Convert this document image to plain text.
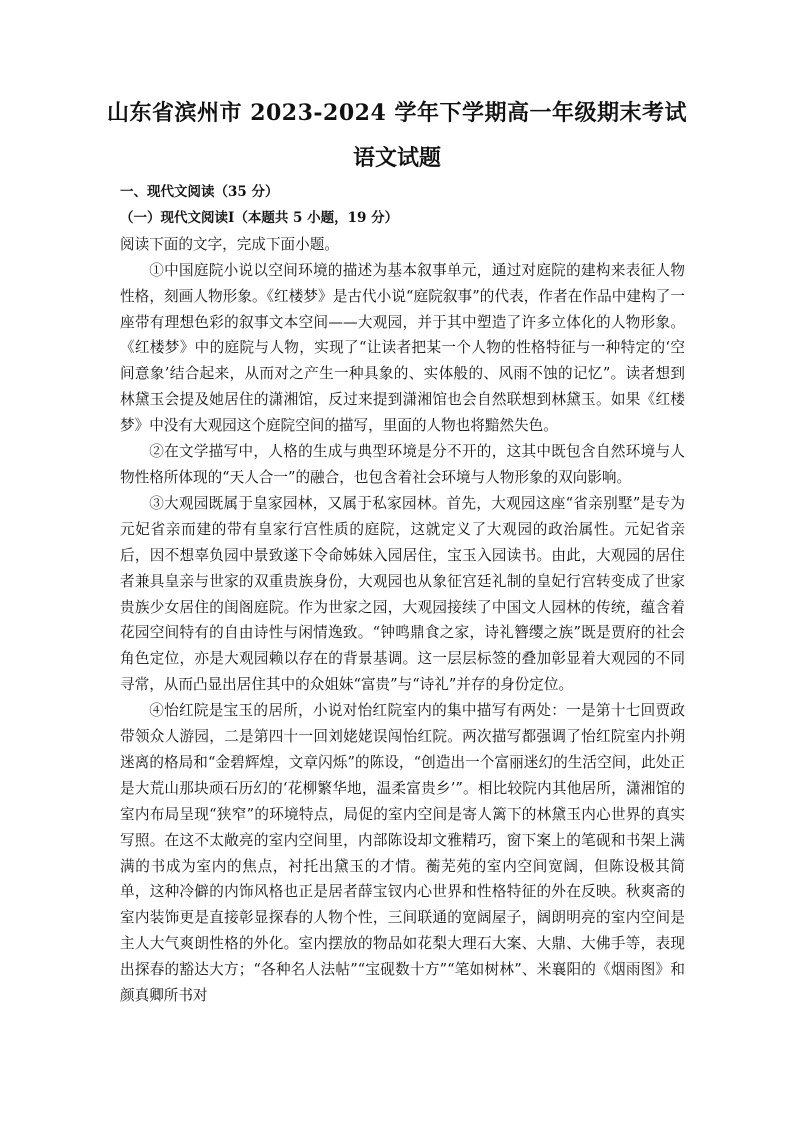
山东省滨州市 2023-2024 学年下学期高一年级期末考试
语文试题

一、现代文阅读（35 分）

（一）现代文阅读Ⅰ（本题共 5 小题，19 分）

阅读下面的文字，完成下面小题。

①中国庭院小说以空间环境的描述为基本叙事单元，通过对庭院的建构来表征人物性格，刻画人物形象。《红楼梦》是古代小说“庭院叙事”的代表，作者在作品中建构了一座带有理想色彩的叙事文本空间——大观园，并于其中塑造了许多立体化的人物形象。《红楼梦》中的庭院与人物，实现了“让读者把某一个人物的性格特征与一种特定的‘空间意象’结合起来，从而对之产生一种具象的、实体般的、风雨不蚀的记忆”。读者想到林黛玉会提及她居住的潇湘馆，反过来提到潇湘馆也会自然联想到林黛玉。如果《红楼梦》中没有大观园这个庭院空间的描写，里面的人物也将黯然失色。

②在文学描写中，人格的生成与典型环境是分不开的，这其中既包含自然环境与人物性格所体现的“天人合一”的融合，也包含着社会环境与人物形象的双向影响。

③大观园既属于皇家园林，又属于私家园林。首先，大观园这座“省亲别墅”是专为元妃省亲而建的带有皇家行宫性质的庭院，这就定义了大观园的政治属性。元妃省亲后，因不想辜负园中景致遂下令命姊妹入园居住，宝玉入园读书。由此，大观园的居住者兼具皇亲与世家的双重贵族身份，大观园也从象征宫廷礼制的皇妃行宫转变成了世家贵族少女居住的闺阁庭院。作为世家之园，大观园接续了中国文人园林的传统，蕴含着花园空间特有的自由诗性与闲情逸致。“钟鸣鼎食之家，诗礼簪缨之族”既是贾府的社会角色定位，亦是大观园赖以存在的背景基调。这一层层标签的叠加彰显着大观园的不同寻常，从而凸显出居住其中的众姐妹“富贵”与“诗礼”并存的身份定位。

④怡红院是宝玉的居所，小说对怡红院室内的集中描写有两处：一是第十七回贾政带领众人游园，二是第四十一回刘姥姥误闯怡红院。两次描写都强调了怡红院室内扑朔迷离的格局和“金碧辉煌，文章闪烁”的陈设，“创造出一个富丽迷幻的生活空间，此处正是大荒山那块顽石历幻的‘花柳繁华地，温柔富贵乡’”。相比较院内其他居所，潇湘馆的室内布局呈现“狭窄”的环境特点，局促的室内空间是寄人篱下的林黛玉内心世界的真实写照。在这不太敞亮的室内空间里，内部陈设却文雅精巧，窗下案上的笔砚和书架上满满的书成为室内的焦点，衬托出黛玉的才情。蘅芜苑的室内空间宽阔，但陈设极其简单，这种冷僻的内饰风格也正是居者薛宝钗内心世界和性格特征的外在反映。秋爽斋的室内装饰更是直接彰显探春的人物个性，三间联通的宽阔屋子，阔朗明亮的室内空间是主人大气爽朗性格的外化。室内摆放的物品如花梨大理石大案、大鼎、大佛手等，表现出探春的豁达大方；“各种名人法帖”“宝砚数十方”“笔如树林”、米襄阳的《烟雨图》和颜真卿所书对
